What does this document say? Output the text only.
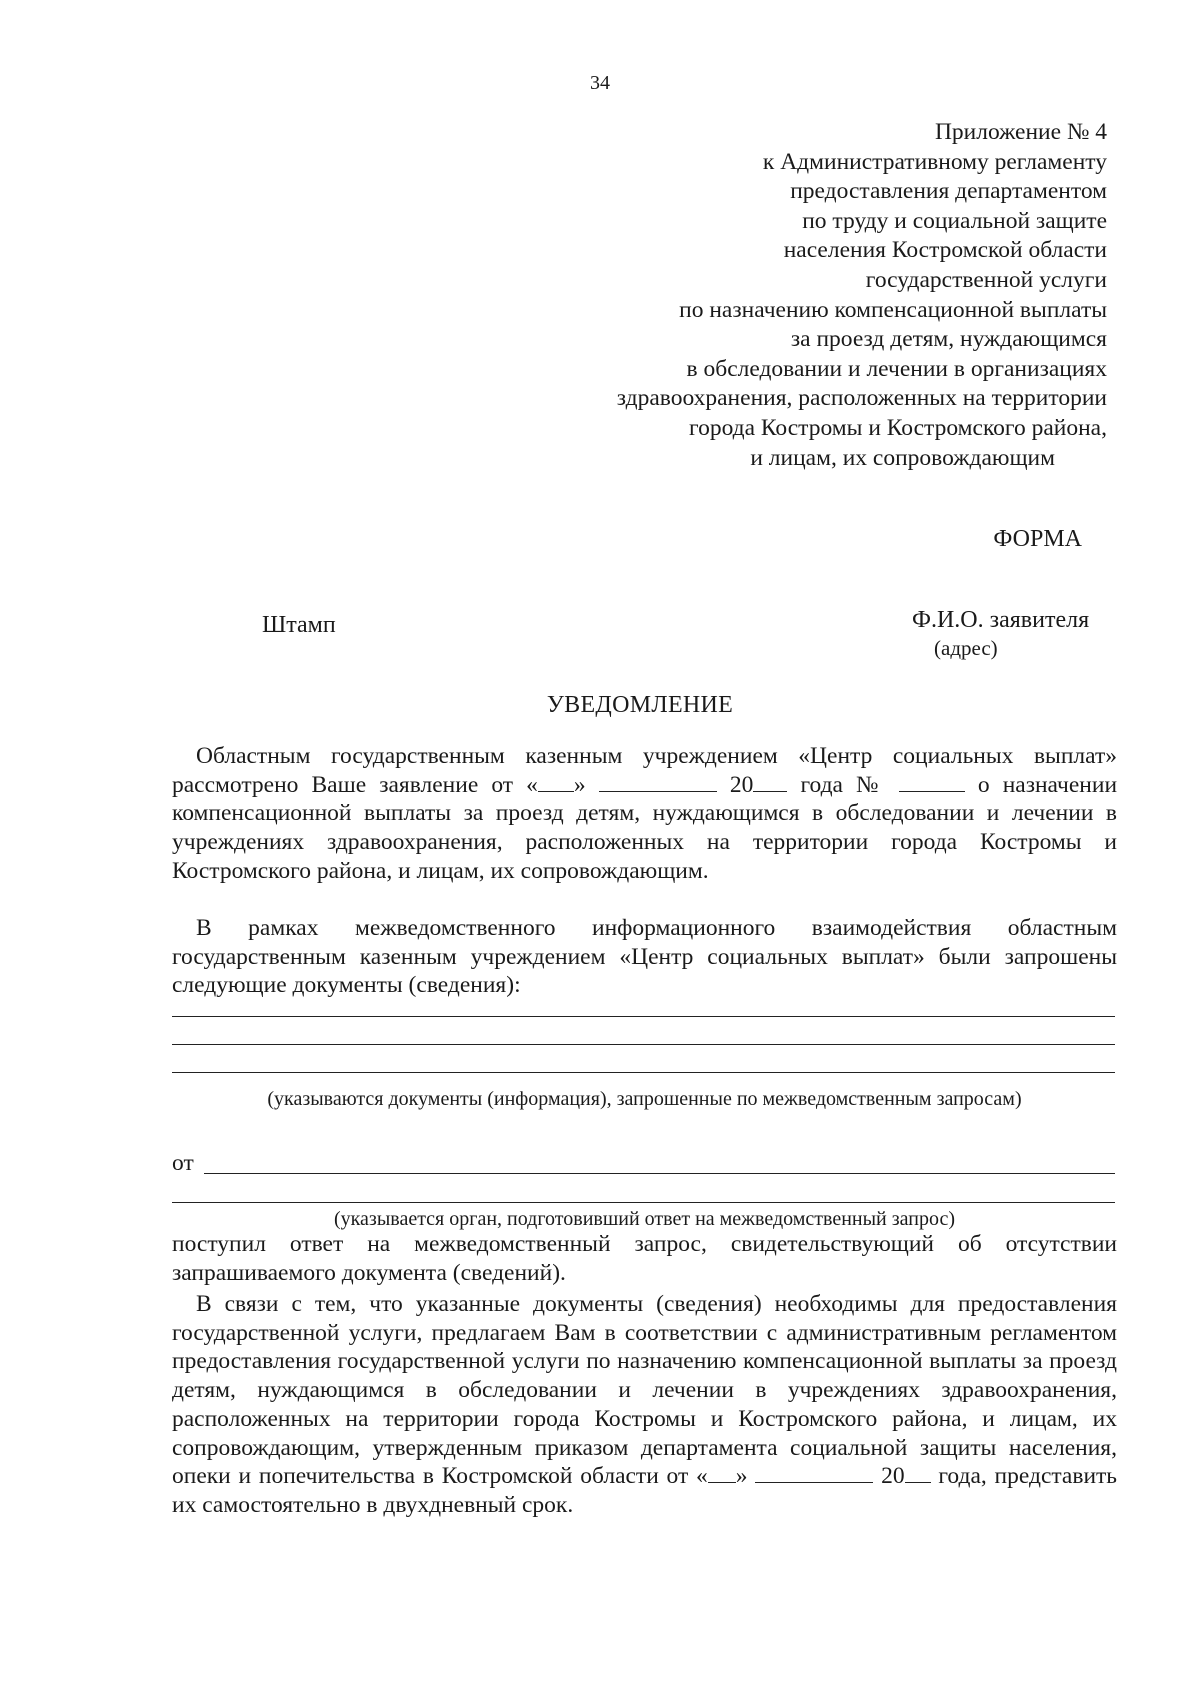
34
Приложение № 4
к Административному регламенту
предоставления департаментом
по труду и социальной защите
населения Костромской области
государственной услуги
по назначению компенсационной выплаты
за проезд детям, нуждающимся
в обследовании и лечении в организациях
здравоохранения, расположенных на территории
города Костромы и Костромского района,
и лицам, их сопровождающим
ФОРМА
Штамп	Ф.И.О. заявителя
(адрес)
УВЕДОМЛЕНИЕ

Областным государственным казенным учреждением «Центр социальных выплат» рассмотрено Ваше заявление от « »	20 года №	о назначении компенсационной выплаты за проезд детям, нуждающимся в обследовании и лечении в учреждениях здравоохранения, расположенных на территории города Костромы и Костромского района, и лицам, их сопровождающим.

В рамках межведомственного информационного взаимодействия областным государственным казенным учреждением «Центр социальных выплат» были запрошены следующие документы (сведения):

(указываются документы (информация), запрошенные по межведомственным запросам)
от
(указывается орган, подготовивший ответ на межведомственный запрос)

поступил ответ на межведомственный запрос, свидетельствующий об отсутствии запрашиваемого документа (сведений).

В связи с тем, что указанные документы (сведения) необходимы для предоставления государственной услуги, предлагаем Вам в соответствии с административным регламентом предоставления государственной услуги по назначению компенсационной выплаты за проезд детям, нуждающимся в обследовании и лечении в учреждениях здравоохранения, расположенных на территории города Костромы и Костромского района, и лицам, их сопровождающим, утвержденным приказом департамента социальной защиты населения, опеки и попечительства в Костромской области от « »	20 года, представить их самостоятельно в двухдневный срок.
